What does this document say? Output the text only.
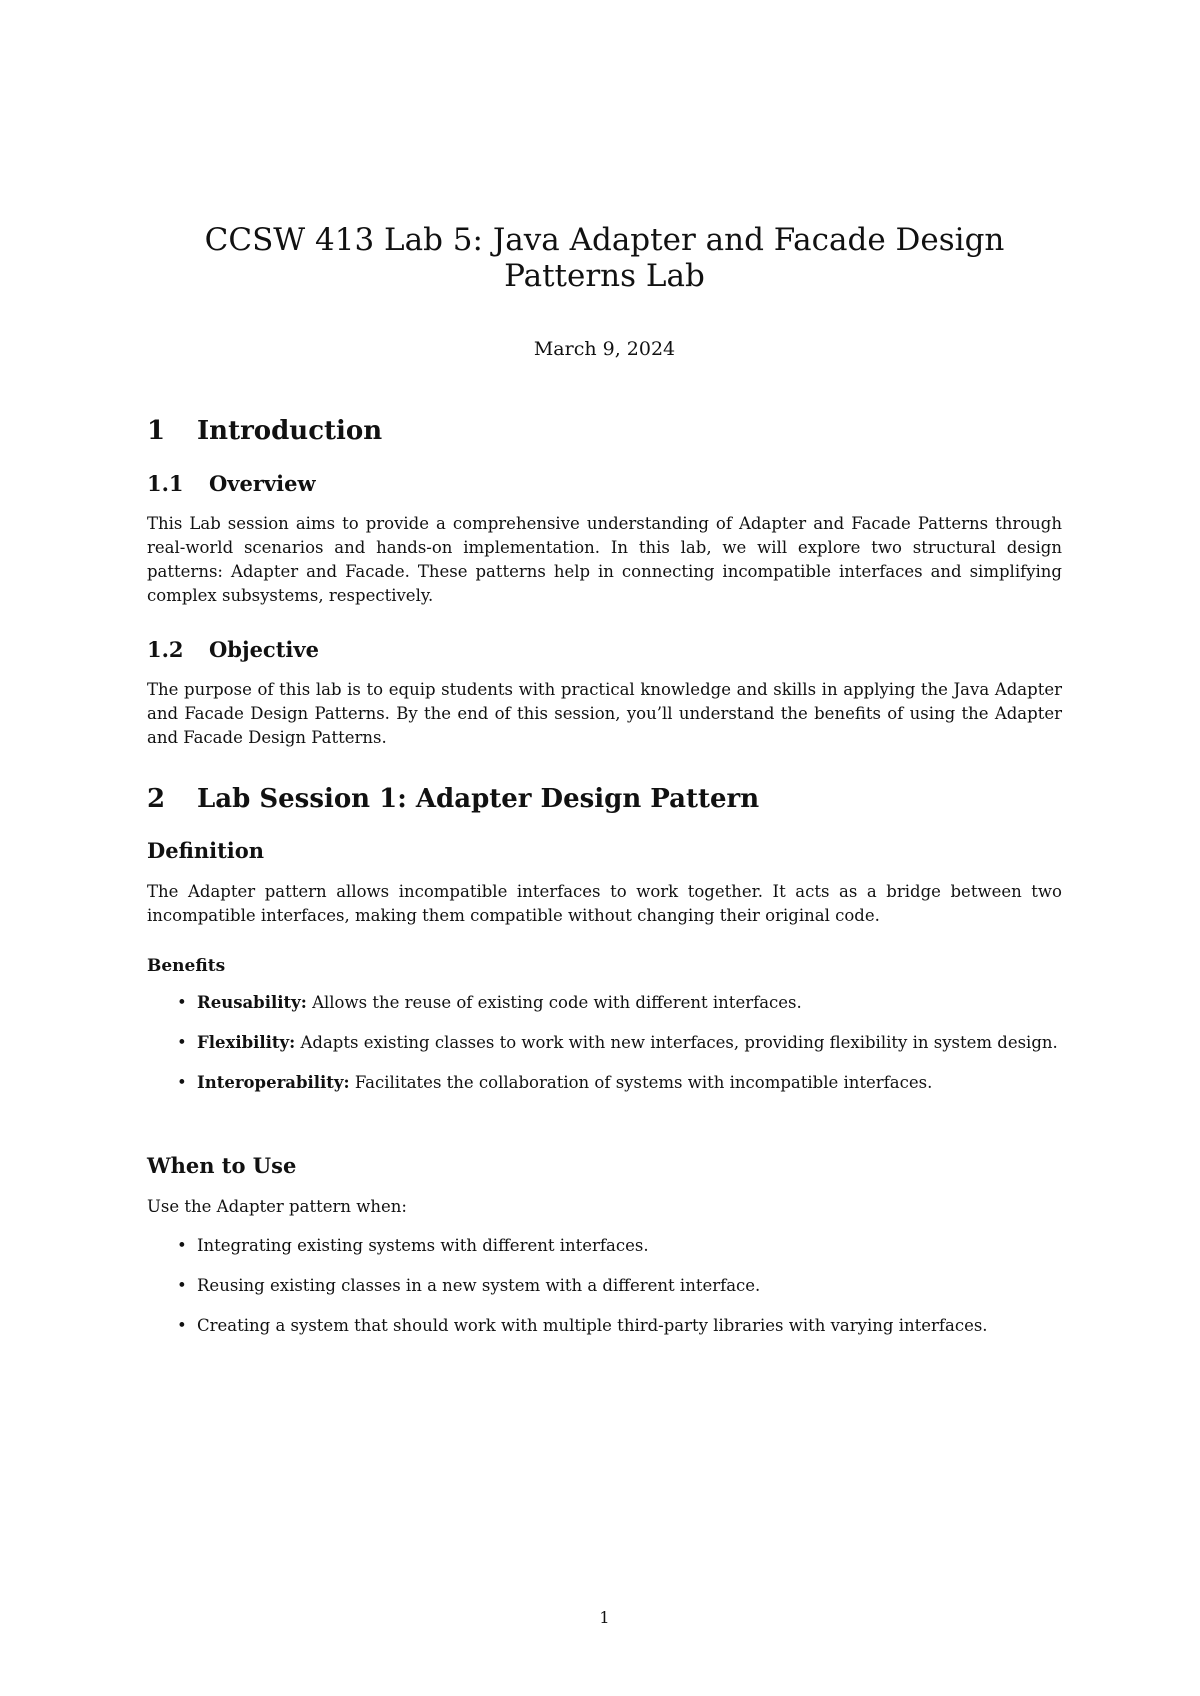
CCSW 413 Lab 5: Java Adapter and Facade Design Patterns Lab

March 9, 2024

1 Introduction
1.1 Overview

This Lab session aims to provide a comprehensive understanding of Adapter and Facade Patterns through real-world scenarios and hands-on implementation. In this lab, we will explore two structural design patterns: Adapter and Facade. These patterns help in connecting incompatible interfaces and simplifying complex subsystems, respectively.

1.2 Objective

The purpose of this lab is to equip students with practical knowledge and skills in applying the Java Adapter and Facade Design Patterns. By the end of this session, you’ll understand the benefits of using the Adapter and Facade Design Patterns.

2 Lab Session 1: Adapter Design Pattern
Definition

The Adapter pattern allows incompatible interfaces to work together. It acts as a bridge between two incompatible interfaces, making them compatible without changing their original code.

Benefits
• Reusability: Allows the reuse of existing code with different interfaces.
• Flexibility: Adapts existing classes to work with new interfaces, providing flexibility in system design.
• Interoperability: Facilitates the collaboration of systems with incompatible interfaces.
When to Use

Use the Adapter pattern when:

• Integrating existing systems with different interfaces.
• Reusing existing classes in a new system with a different interface.
• Creating a system that should work with multiple third-party libraries with varying interfaces.

1
